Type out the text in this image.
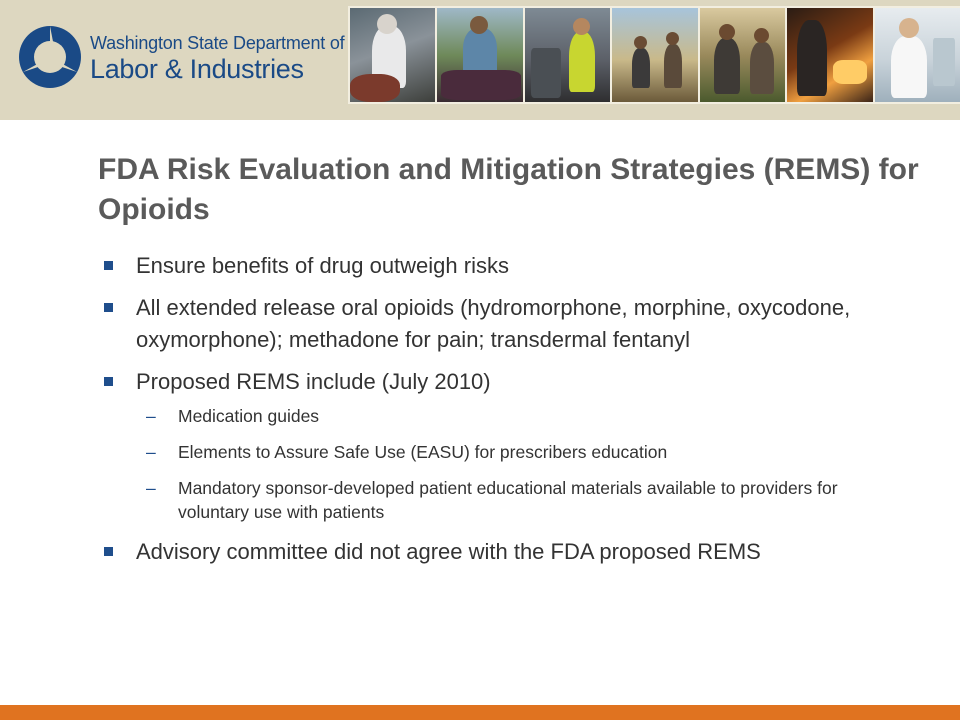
Washington State Department of
Labor & Industries
FDA Risk Evaluation and Mitigation Strategies (REMS) for Opioids
Ensure benefits of drug outweigh risks
All extended release oral opioids (hydromorphone, morphine, oxycodone, oxymorphone); methadone for pain; transdermal fentanyl
Proposed REMS include (July 2010)
– Medication guides
– Elements to Assure Safe Use (EASU) for prescribers education
– Mandatory sponsor-developed patient educational materials available to providers for voluntary use with patients
Advisory committee did not agree with the FDA proposed REMS
